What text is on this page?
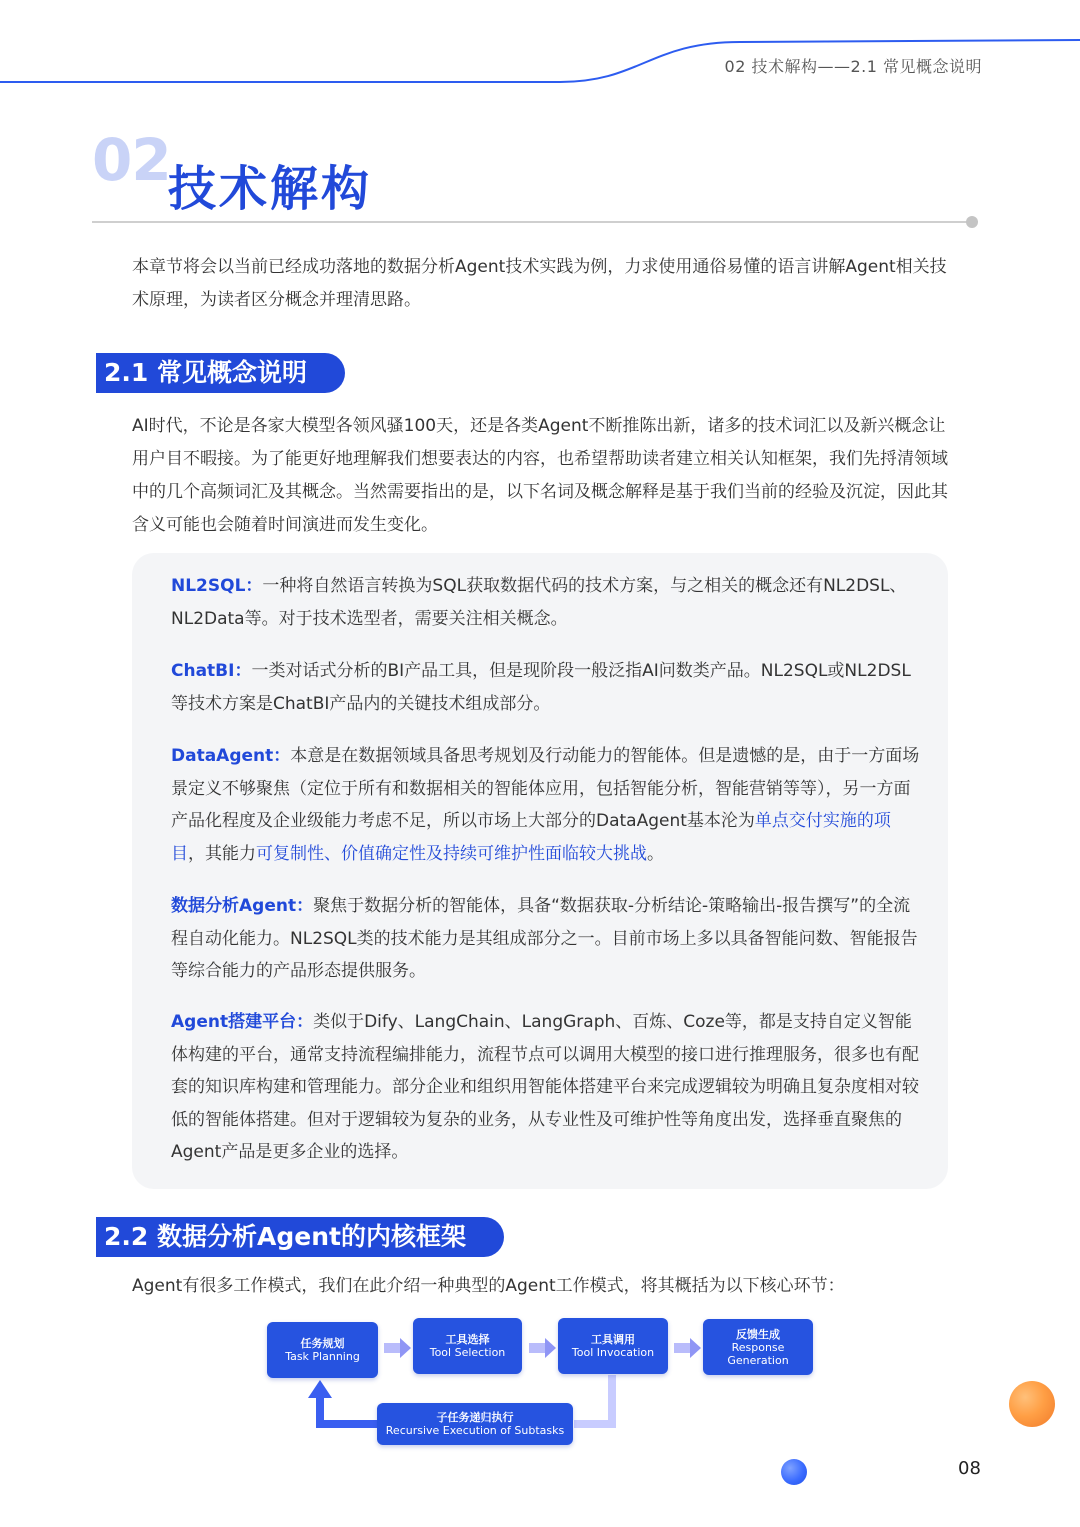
02 技术解构——2.1 常见概念说明
02
技术解构
本章节将会以当前已经成功落地的数据分析Agent技术实践为例，力求使用通俗易懂的语言讲解Agent相关技术原理，为读者区分概念并理清思路。
2.1 常见概念说明
AI时代，不论是各家大模型各领风骚100天，还是各类Agent不断推陈出新，诸多的技术词汇以及新兴概念让用户目不暇接。为了能更好地理解我们想要表达的内容，也希望帮助读者建立相关认知框架，我们先捋清领域中的几个高频词汇及其概念。当然需要指出的是，以下名词及概念解释是基于我们当前的经验及沉淀，因此其含义可能也会随着时间演进而发生变化。
NL2SQL：一种将自然语言转换为SQL获取数据代码的技术方案，与之相关的概念还有NL2DSL、NL2Data等。对于技术选型者，需要关注相关概念。
ChatBI：一类对话式分析的BI产品工具，但是现阶段一般泛指AI问数类产品。NL2SQL或NL2DSL等技术方案是ChatBI产品内的关键技术组成部分。
DataAgent：本意是在数据领域具备思考规划及行动能力的智能体。但是遗憾的是，由于一方面场景定义不够聚焦（定位于所有和数据相关的智能体应用，包括智能分析，智能营销等等），另一方面产品化程度及企业级能力考虑不足，所以市场上大部分的DataAgent基本沦为单点交付实施的项目，其能力可复制性、价值确定性及持续可维护性面临较大挑战。
数据分析Agent：聚焦于数据分析的智能体，具备“数据获取-分析结论-策略输出-报告撰写”的全流程自动化能力。NL2SQL类的技术能力是其组成部分之一。目前市场上多以具备智能问数、智能报告等综合能力的产品形态提供服务。
Agent搭建平台：类似于Dify、LangChain、LangGraph、百炼、Coze等，都是支持自定义智能体构建的平台，通常支持流程编排能力，流程节点可以调用大模型的接口进行推理服务，很多也有配套的知识库构建和管理能力。部分企业和组织用智能体搭建平台来完成逻辑较为明确且复杂度相对较低的智能体搭建。但对于逻辑较为复杂的业务，从专业性及可维护性等角度出发，选择垂直聚焦的Agent产品是更多企业的选择。
2.2 数据分析Agent的内核框架
Agent有很多工作模式，我们在此介绍一种典型的Agent工作模式，将其概括为以下核心环节：
任务规划
Task Planning
工具选择
Tool Selection
工具调用
Tool Invocation
反馈生成
Response
Generation
子任务递归执行
Recursive Execution of Subtasks
08
